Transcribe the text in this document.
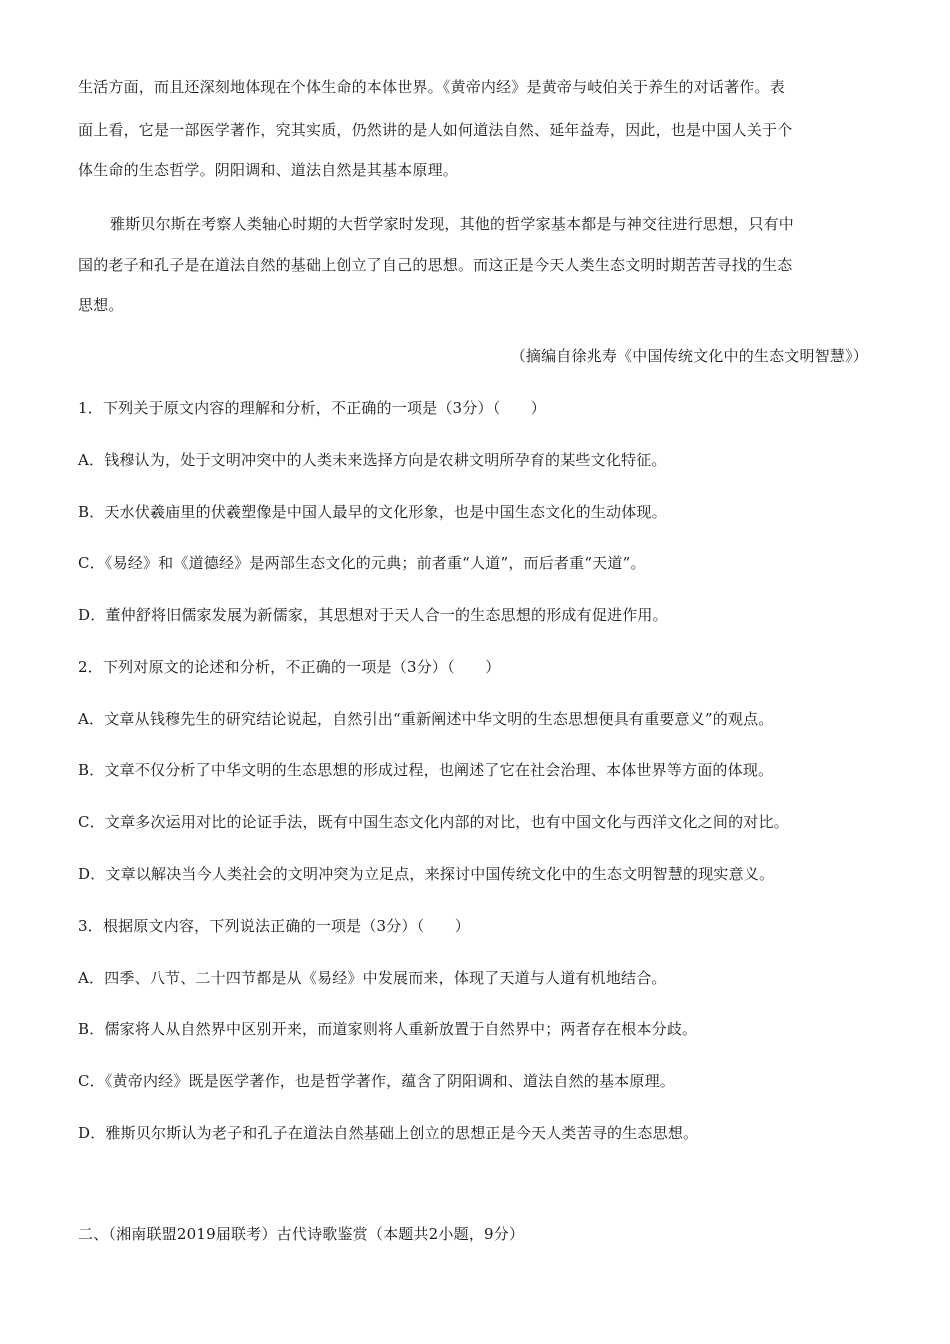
生活方面，而且还深刻地体现在个体生命的本体世界。《黄帝内经》是黄帝与岐伯关于养生的对话著作。表
面上看，它是一部医学著作，究其实质，仍然讲的是人如何道法自然、延年益寿，因此，也是中国人关于个
体生命的生态哲学。阴阳调和、道法自然是其基本原理。
雅斯贝尔斯在考察人类轴心时期的大哲学家时发现，其他的哲学家基本都是与神交往进行思想，只有中
国的老子和孔子是在道法自然的基础上创立了自己的思想。而这正是今天人类生态文明时期苦苦寻找的生态
思想。
（摘编自徐兆寿《中国传统文化中的生态文明智慧》）
1．下列关于原文内容的理解和分析，不正确的一项是（3分）（　　）
A．钱穆认为，处于文明冲突中的人类未来选择方向是农耕文明所孕育的某些文化特征。
B．天水伏羲庙里的伏羲塑像是中国人最早的文化形象，也是中国生态文化的生动体现。
C．《易经》和《道德经》是两部生态文化的元典；前者重“人道”，而后者重“天道”。
D．董仲舒将旧儒家发展为新儒家，其思想对于天人合一的生态思想的形成有促进作用。
2．下列对原文的论述和分析，不正确的一项是（3分）（　　）
A．文章从钱穆先生的研究结论说起，自然引出“重新阐述中华文明的生态思想便具有重要意义”的观点。
B．文章不仅分析了中华文明的生态思想的形成过程，也阐述了它在社会治理、本体世界等方面的体现。
C．文章多次运用对比的论证手法，既有中国生态文化内部的对比，也有中国文化与西洋文化之间的对比。
D．文章以解决当今人类社会的文明冲突为立足点，来探讨中国传统文化中的生态文明智慧的现实意义。
3．根据原文内容，下列说法正确的一项是（3分）（　　）
A．四季、八节、二十四节都是从《易经》中发展而来，体现了天道与人道有机地结合。
B．儒家将人从自然界中区别开来，而道家则将人重新放置于自然界中；两者存在根本分歧。
C．《黄帝内经》既是医学著作，也是哲学著作，蕴含了阴阳调和、道法自然的基本原理。
D．雅斯贝尔斯认为老子和孔子在道法自然基础上创立的思想正是今天人类苦寻的生态思想。
二、（湘南联盟2019届联考）古代诗歌鉴赏（本题共2小题，9分）
